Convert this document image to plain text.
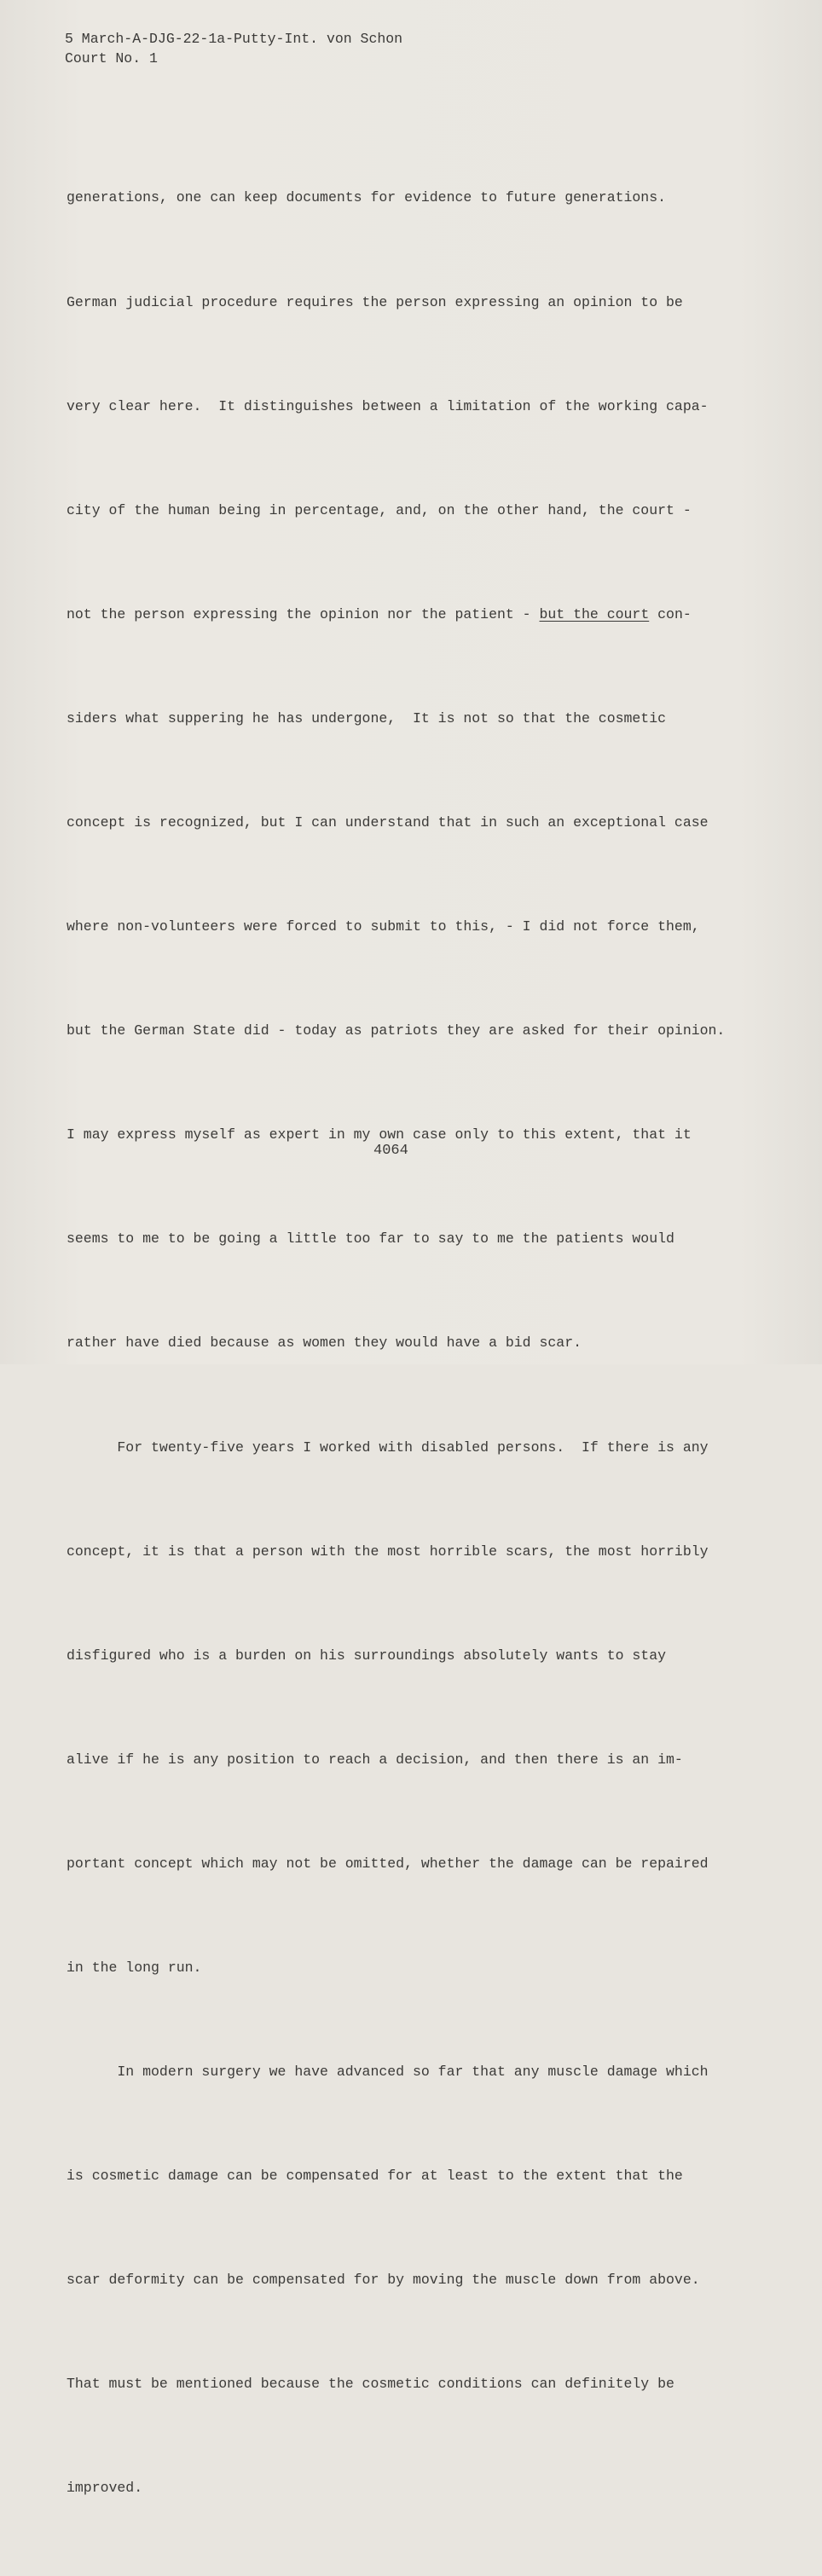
5 March-A-DJG-22-1a-Putty-Int. von Schon
Court No. 1

generations, one can keep documents for evidence to future generations.

German judicial procedure requires the person expressing an opinion to be

very clear here.  It distinguishes between a limitation of the working capa-

city of the human being in percentage, and, on the other hand, the court -

not the person expressing the opinion nor the patient - but the court con-

siders what suppering he has undergone,  It is not so that the cosmetic

concept is recognized, but I can understand that in such an exceptional case

where non-volunteers were forced to submit to this, - I did not force them,

but the German State did - today as patriots they are asked for their opinion.

I may express myself as expert in my own case only to this extent, that it

seems to me to be going a little too far to say to me the patients would

rather have died because as women they would have a bid scar.

For twenty-five years I worked with disabled persons.  If there is any

concept, it is that a person with the most horrible scars, the most horribly

disfigured who is a burden on his surroundings absolutely wants to stay

alive if he is any position to reach a decision, and then there is an im-

portant concept which may not be omitted, whether the damage can be repaired

in the long run.

In modern surgery we have advanced so far that any muscle damage which

is cosmetic damage can be compensated for at least to the extent that the

scar deformity can be compensated for by moving the muscle down from above.

That must be mentioned because the cosmetic conditions can definitely be

improved.

4064
